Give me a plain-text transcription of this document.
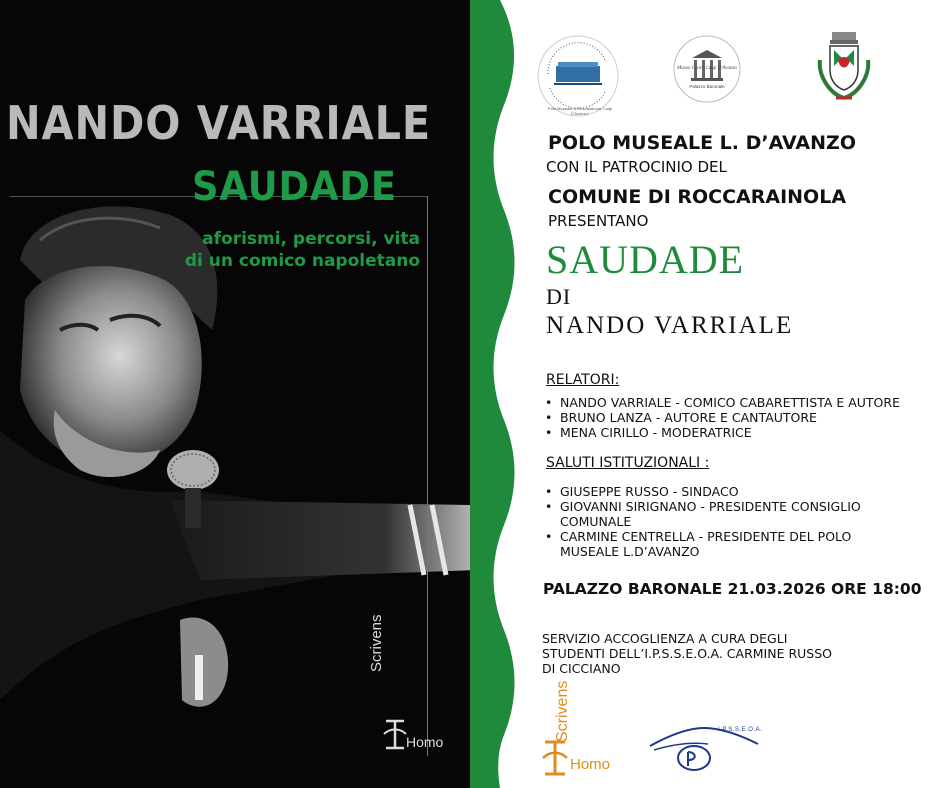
NANDO VARRIALE
SAUDADE
aforismi, percorsi, vita
di un comico napoletano
Scrivens
Homo
Polo Museale di Roccarainola "Luigi D'Avanzo"
Museo Civico Luigi D'Avanzo
Palazzo Baronale
POLO MUSEALE L. D’AVANZO
CON IL PATROCINIO DEL
COMUNE DI ROCCARAINOLA
PRESENTANO
SAUDADE
DI
NANDO VARRIALE
RELATORI:
• NANDO VARRIALE - COMICO CABARETTISTA E AUTORE
• BRUNO LANZA - AUTORE E CANTAUTORE
• MENA CIRILLO - MODERATRICE
SALUTI ISTITUZIONALI :
• GIUSEPPE RUSSO - SINDACO
• GIOVANNI SIRIGNANO - PRESIDENTE CONSIGLIO COMUNALE
• CARMINE CENTRELLA - PRESIDENTE DEL POLO MUSEALE L.D’AVANZO
PALAZZO BARONALE 21.03.2026 ORE 18:00
SERVIZIO ACCOGLIENZA A CURA DEGLI STUDENTI DELL’I.P.S.S.E.O.A. CARMINE RUSSO DI CICCIANO
Scrivens
Homo
I.P.S.S.E.O.A.
